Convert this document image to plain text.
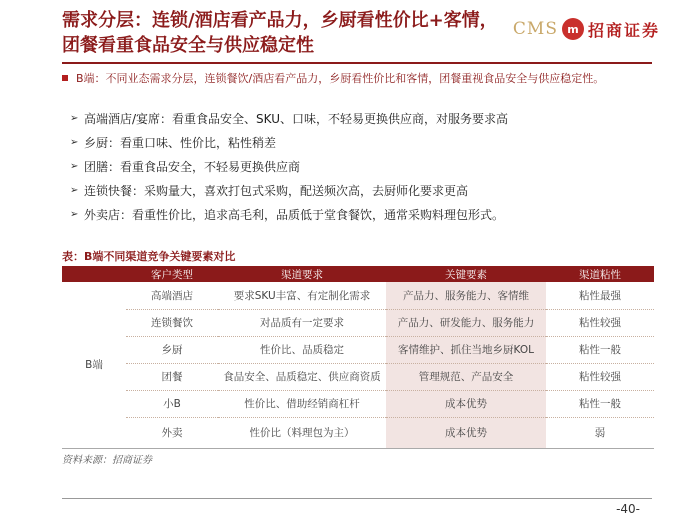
需求分层：连锁/酒店看产品力，乡厨看性价比+客情，
团餐看重食品安全与供应稳定性
CMS m 招商证券
B端：不同业态需求分层，连锁餐饮/酒店看产品力，乡厨看性价比和客情，团餐重视食品安全与供应稳定性。
➢ 高端酒店/宴席：看重食品安全、SKU、口味，不轻易更换供应商，对服务要求高
➢ 乡厨：看重口味、性价比，粘性稍差
➢ 团膳：看重食品安全，不轻易更换供应商
➢ 连锁快餐：采购量大，喜欢打包式采购，配送频次高，去厨师化要求更高
➢ 外卖店：看重性价比，追求高毛利，品质低于堂食餐饮，通常采购料理包形式。
表：B端不同渠道竞争关键要素对比
	客户类型	渠道要求	关键要素	渠道粘性
B端	高端酒店	要求SKU丰富、有定制化需求	产品力、服务能力、客情维	粘性最强
	连锁餐饮	对品质有一定要求	产品力、研发能力、服务能力	粘性较强
	乡厨	性价比、品质稳定	客情维护、抓住当地乡厨KOL	粘性一般
	团餐	食品安全、品质稳定、供应商资质	管理规范、产品安全	粘性较强
	小B	性价比、借助经销商杠杆	成本优势	粘性一般
	外卖	性价比（料理包为主）	成本优势	弱
资料来源：招商证券
-40-
